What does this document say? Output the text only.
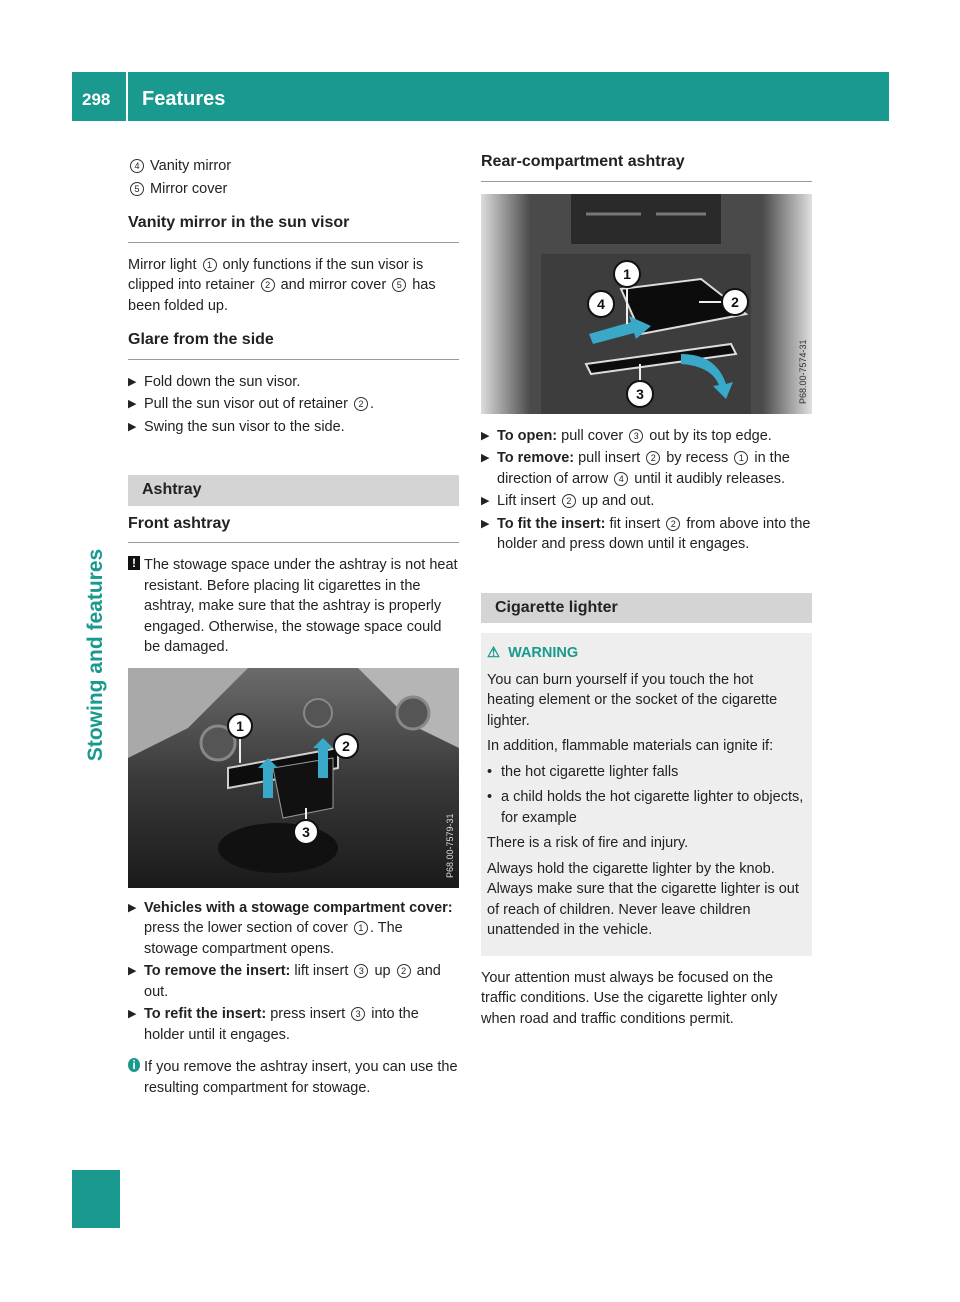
298 Features
Stowing and features

4 Vanity mirror

5 Mirror cover

Vanity mirror in the sun visor

Mirror light 1 only functions if the sun visor is clipped into retainer 2 and mirror cover 5 has been folded up.

Glare from the side

▶ Fold down the sun visor.

▶ Pull the sun visor out of retainer 2 .

▶ Swing the sun visor to the side.

Ashtray
Front ashtray

! The stowage space under the ashtray is not heat resistant. Before placing lit cigarettes in the ashtray, make sure that the ashtray is properly engaged. Otherwise, the stowage space could be damaged.

1
2
3	P68.00-7579-31

▶ Vehicles with a stowage compartment cover: press the lower section of cover 1 . The stowage compartment opens.

▶ To remove the insert: lift insert 3 up 2 and out.

▶ To refit the insert: press insert 3 into the holder until it engages.

i If you remove the ashtray insert, you can use the resulting compartment for stowage.

Rear-compartment ashtray
1
2
3
4
P68.00-7574-31

▶ To open: pull cover 3 out by its top edge.

▶ To remove: pull insert 2 by recess 1 in the direction of arrow 4 until it audibly releases.

▶ Lift insert 2 up and out.

▶ To fit the insert: fit insert 2 from above into the holder and press down until it engages.

Cigarette lighter
⚠ WARNING

You can burn yourself if you touch the hot heating element or the socket of the cigarette lighter.

In addition, flammable materials can ignite if:

• the hot cigarette lighter falls

• a child holds the hot cigarette lighter to objects, for example

There is a risk of fire and injury.

Always hold the cigarette lighter by the knob. Always make sure that the cigarette lighter is out of reach of children. Never leave children unattended in the vehicle.

Your attention must always be focused on the traffic conditions. Use the cigarette lighter only when road and traffic conditions permit.
